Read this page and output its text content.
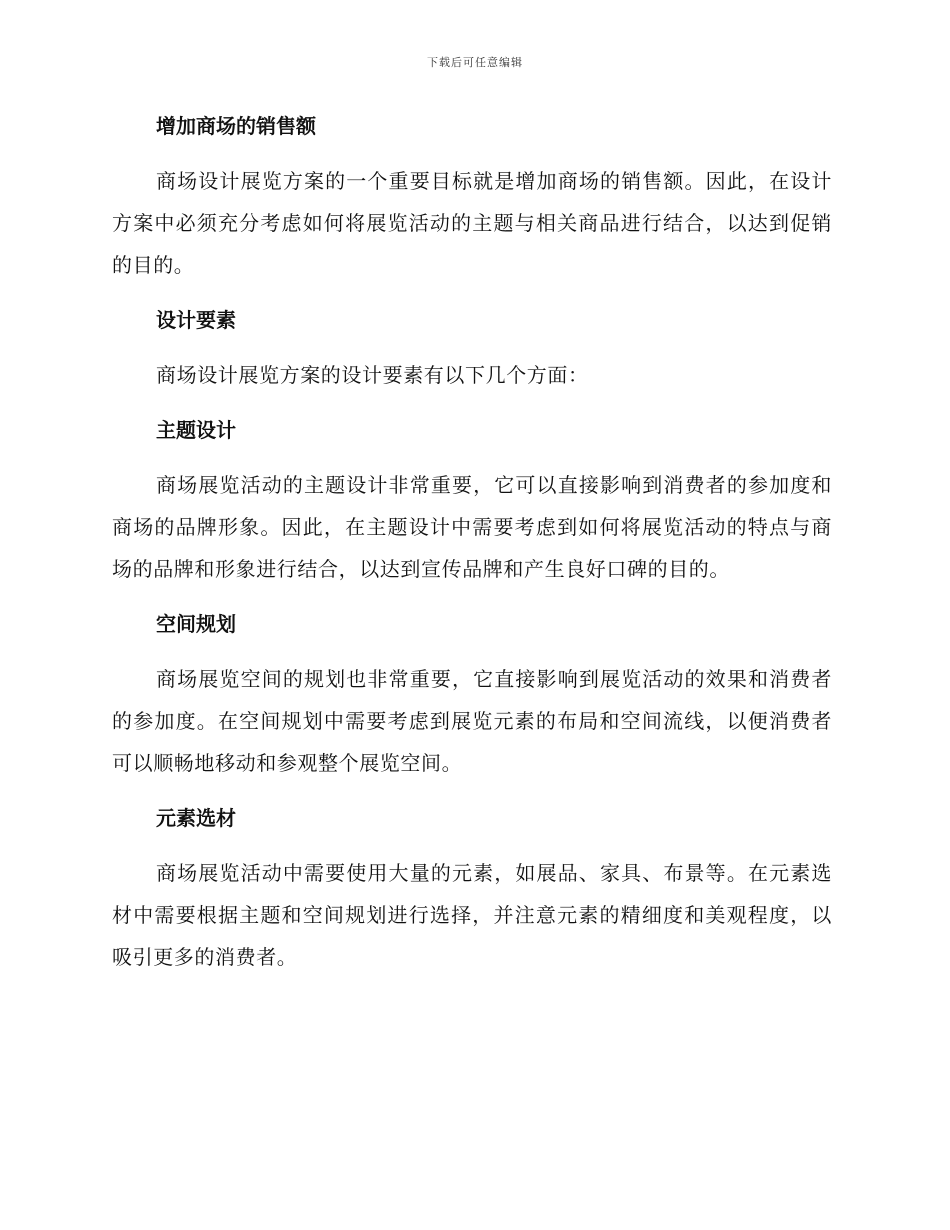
下载后可任意编辑
增加商场的销售额

商场设计展览方案的一个重要目标就是增加商场的销售额。因此，在设计方案中必须充分考虑如何将展览活动的主题与相关商品进行结合，以达到促销的目的。

设计要素

商场设计展览方案的设计要素有以下几个方面：

主题设计

商场展览活动的主题设计非常重要，它可以直接影响到消费者的参加度和商场的品牌形象。因此，在主题设计中需要考虑到如何将展览活动的特点与商场的品牌和形象进行结合，以达到宣传品牌和产生良好口碑的目的。

空间规划

商场展览空间的规划也非常重要，它直接影响到展览活动的效果和消费者的参加度。在空间规划中需要考虑到展览元素的布局和空间流线，以便消费者可以顺畅地移动和参观整个展览空间。

元素选材

商场展览活动中需要使用大量的元素，如展品、家具、布景等。在元素选材中需要根据主题和空间规划进行选择，并注意元素的精细度和美观程度，以吸引更多的消费者。
